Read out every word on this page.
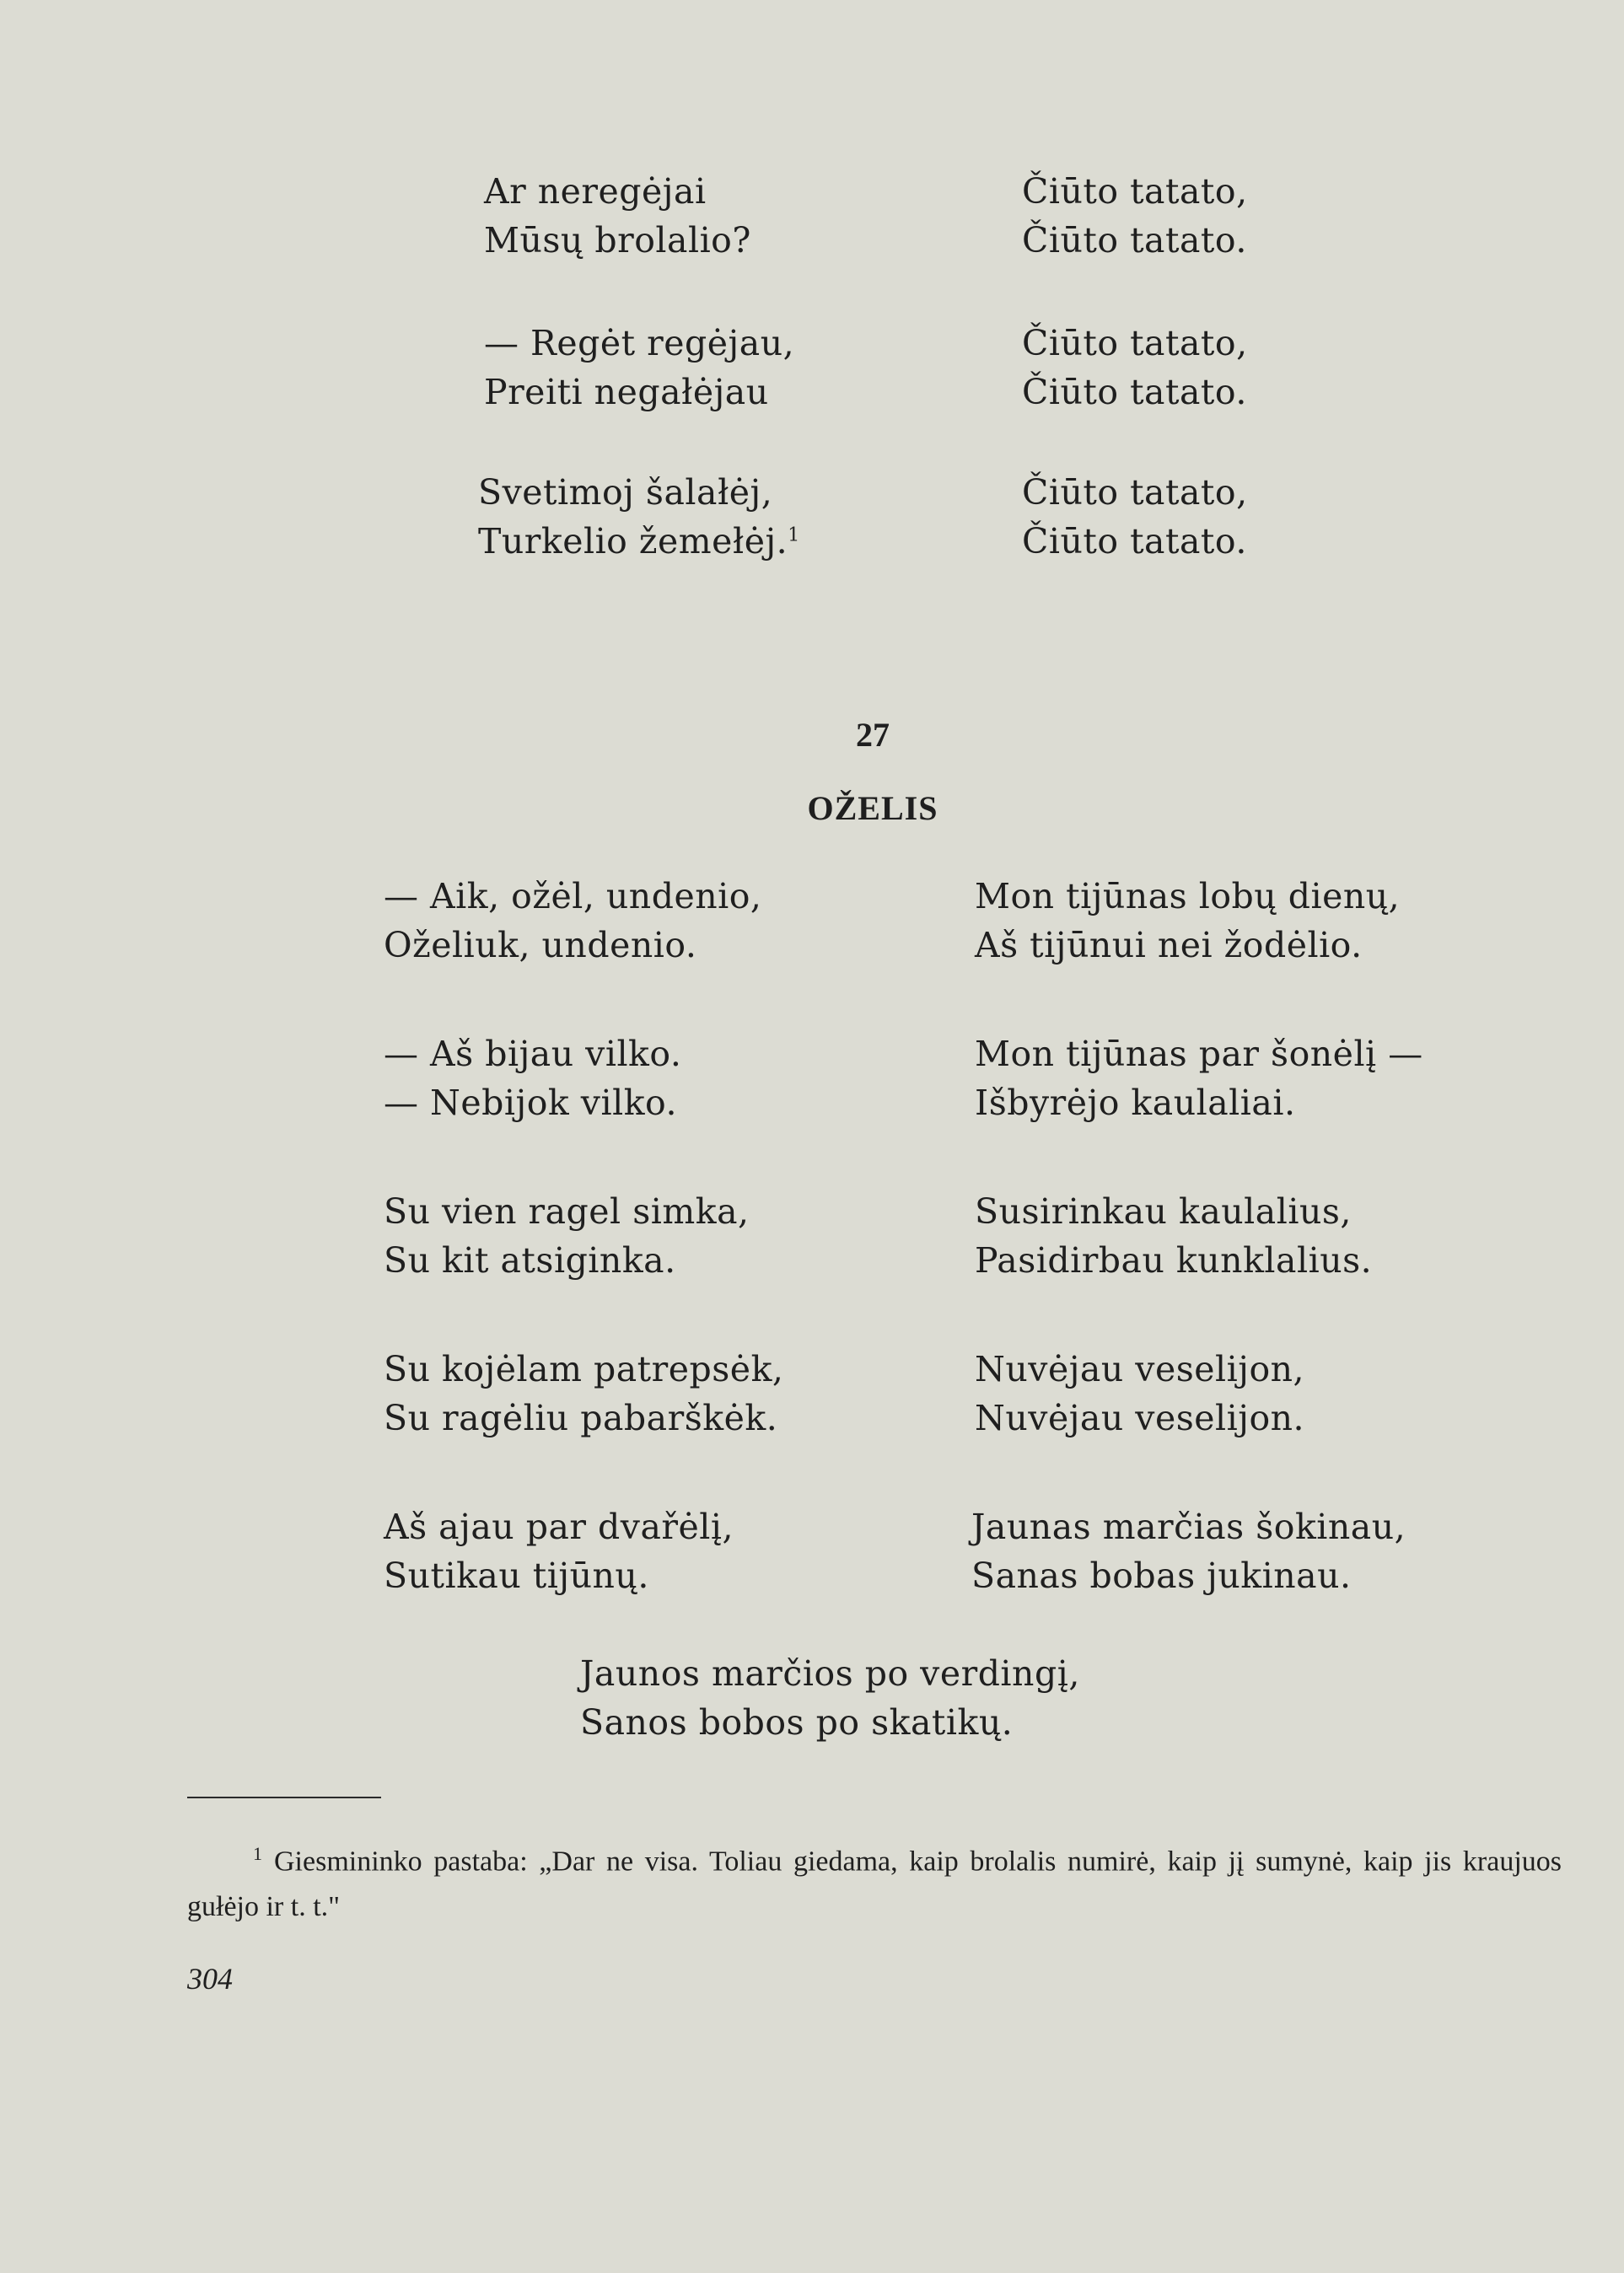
Ar neregėjai
Mūsų brolalio?
— Regėt regėjau,
Preiti negałėjau
Svetimoj šalałėj,
Turkelio žemełėj.$^1$
Čiūto tatato,
Čiūto tatato.
Čiūto tatato,
Čiūto tatato.
Čiūto tatato,
Čiūto tatato.
27
OŽELIS
— Aik, ožėl, undenio,
Oželiuk, undenio.
— Aš bijau vilko.
— Nebijok vilko.
Su vien ragel simka,
Su kit atsiginka.
Su kojėlam patrepsėk,
Su ragėliu pabarškėk.
Aš ajau par dvařėlį,
Sutikau tijūnų.
Mon tijūnas lobų dienų,
Aš tijūnui nei žodėlio.
Mon tijūnas par šonėlį —
Išbyrėjo kaulaliai.
Susirinkau kaulalius,
Pasidirbau kunklalius.
Nuvėjau veselijon,
Nuvėjau veselijon.
Jaunas marčias šokinau,
Sanas bobas jukinau.
Jaunos marčios po verdingį,
Sanos bobos po skatikų.
$^1$ Giesmininko pastaba: „Dar ne visa. Toliau giedama, kaip brolalis numirė, kaip jį sumynė, kaip jis kraujuos gułėjo ir t. t."
304
